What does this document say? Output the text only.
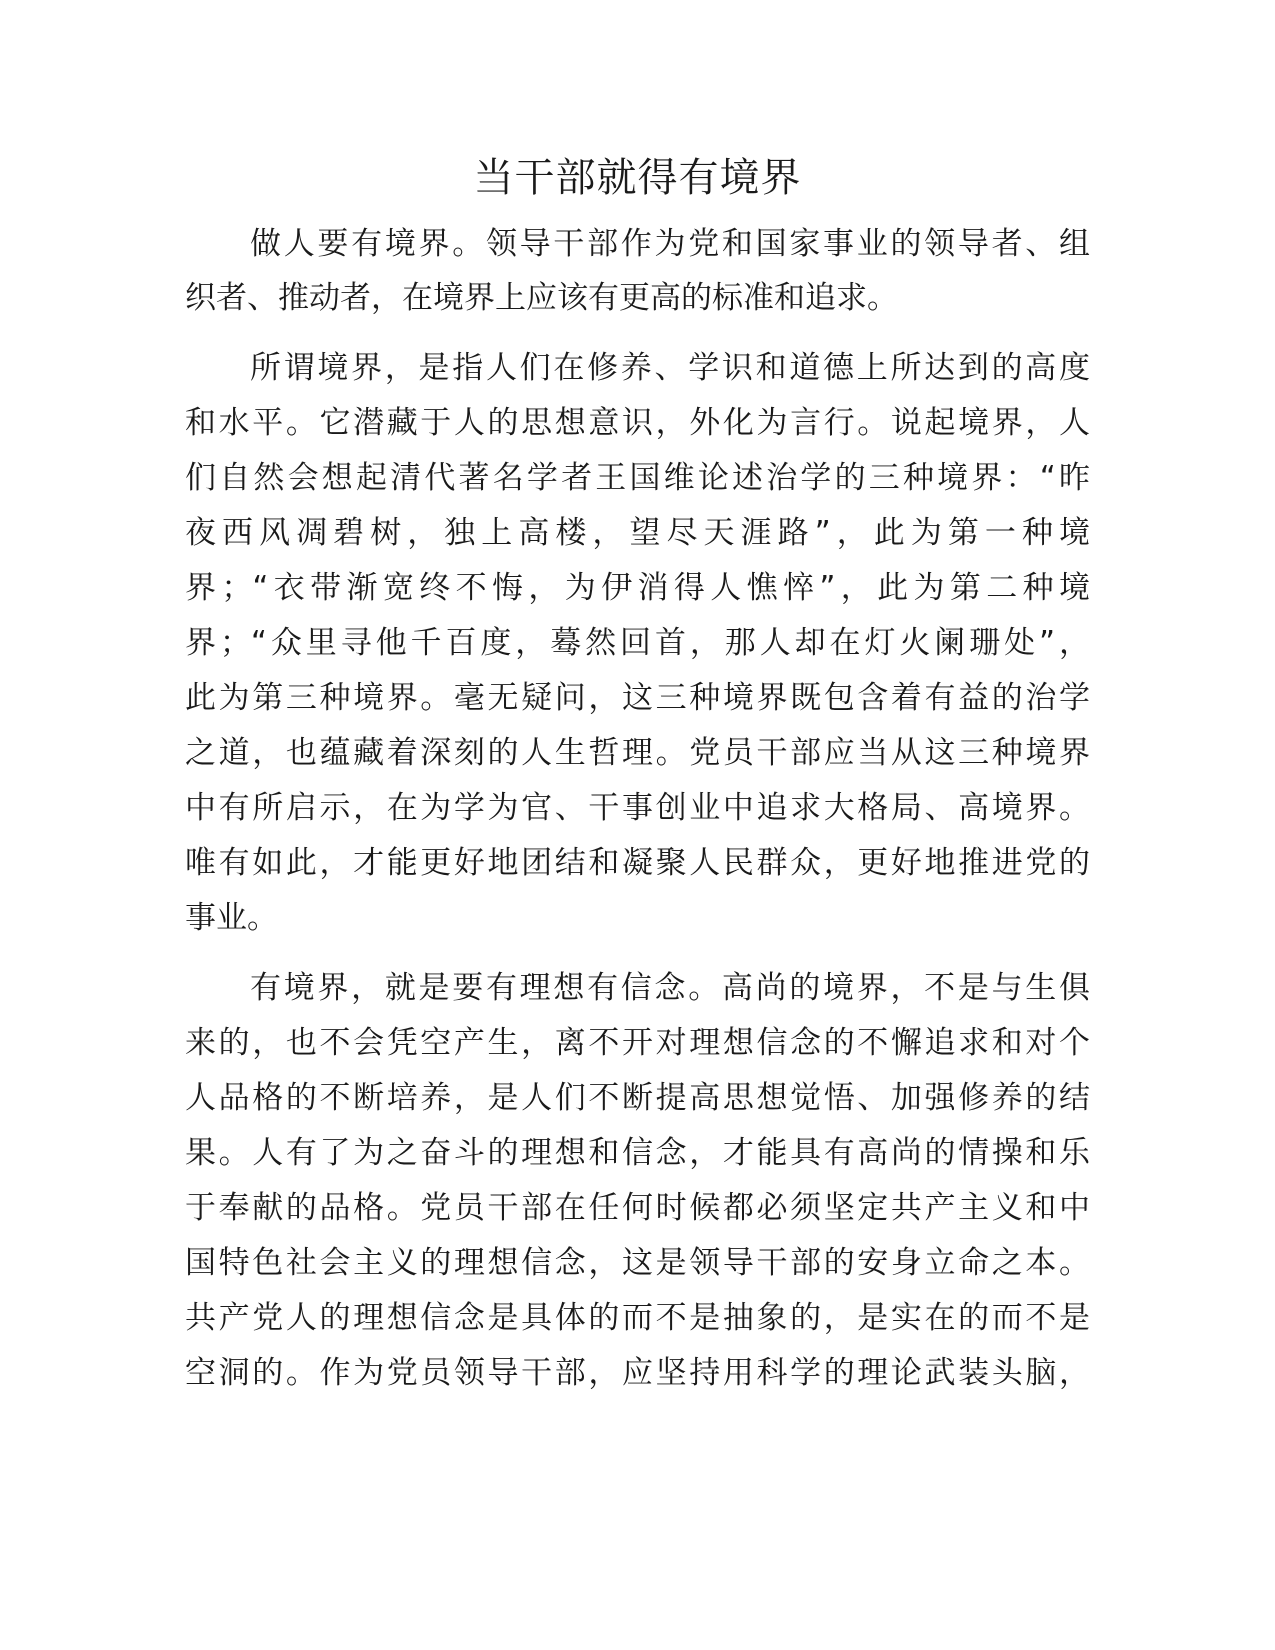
当干部就得有境界

做人要有境界。领导干部作为党和国家事业的领导者、组

织者、推动者，在境界上应该有更高的标准和追求。

所谓境界，是指人们在修养、学识和道德上所达到的高度

和水平。它潜藏于人的思想意识，外化为言行。说起境界，人

们自然会想起清代著名学者王国维论述治学的三种境界：“昨

夜西风凋碧树，独上高楼，望尽天涯路”，此为第一种境

界；“衣带渐宽终不悔，为伊消得人憔悴”，此为第二种境

界；“众里寻他千百度，蓦然回首，那人却在灯火阑珊处”，

此为第三种境界。毫无疑问，这三种境界既包含着有益的治学

之道，也蕴藏着深刻的人生哲理。党员干部应当从这三种境界

中有所启示，在为学为官、干事创业中追求大格局、高境界。

唯有如此，才能更好地团结和凝聚人民群众，更好地推进党的

事业。

有境界，就是要有理想有信念。高尚的境界，不是与生俱

来的，也不会凭空产生，离不开对理想信念的不懈追求和对个

人品格的不断培养，是人们不断提高思想觉悟、加强修养的结

果。人有了为之奋斗的理想和信念，才能具有高尚的情操和乐

于奉献的品格。党员干部在任何时候都必须坚定共产主义和中

国特色社会主义的理想信念，这是领导干部的安身立命之本。

共产党人的理想信念是具体的而不是抽象的，是实在的而不是

空洞的。作为党员领导干部，应坚持用科学的理论武装头脑，
